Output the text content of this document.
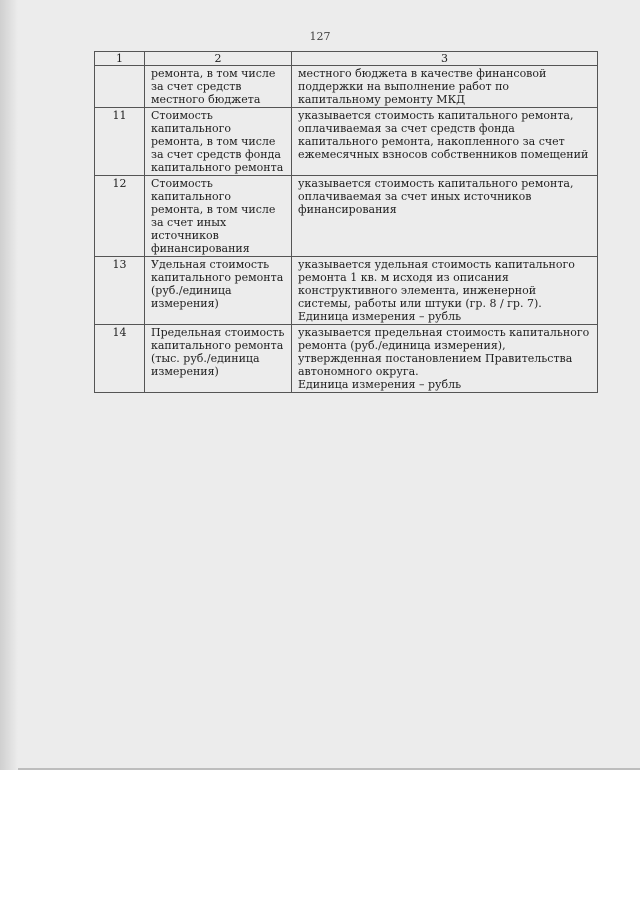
127
1	2	3
	ремонта, в том числе за счет средств местного бюджета	местного бюджета в качестве финансовой поддержки на выполнение работ по капитальному ремонту МКД
11	Стоимость капитального ремонта, в том числе за счет средств фонда капитального ремонта	указывается стоимость капитального ремонта, оплачиваемая за счет средств фонда капитального ремонта, накопленного за счет ежемесячных взносов собственников помещений
12	Стоимость капитального ремонта, в том числе за счет иных источников финансирования	указывается стоимость капитального ремонта, оплачиваемая за счет иных источников финансирования
13	Удельная стоимость капитального ремонта (руб./единица измерения)	указывается удельная стоимость капитального ремонта 1 кв. м исходя из описания конструктивного элемента, инженерной системы, работы или штуки (гр. 8 / гр. 7).
Единица измерения – рубль
14	Предельная стоимость капитального ремонта (тыс. руб./единица измерения)	указывается предельная стоимость капитального ремонта (руб./единица измерения), утвержденная постановлением Правительства автономного округа.
Единица измерения – рубль
